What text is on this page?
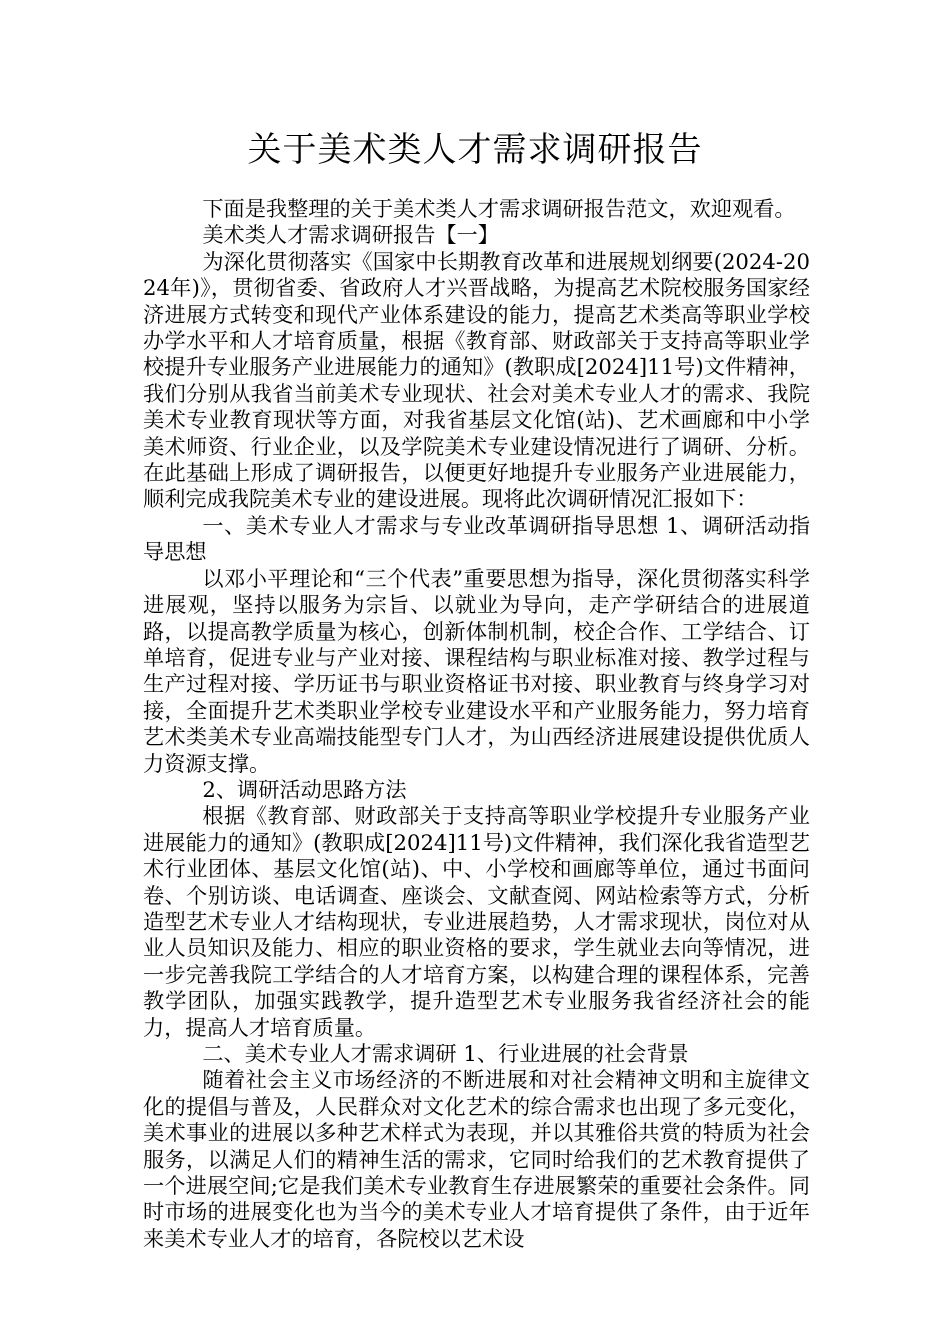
关于美术类人才需求调研报告

下面是我整理的关于美术类人才需求调研报告范文，欢迎观看。

美术类人才需求调研报告【一】

为深化贯彻落实《国家中长期教育改革和进展规划纲要(2024-2024年)》，贯彻省委、省政府人才兴晋战略，为提高艺术院校服务国家经济进展方式转变和现代产业体系建设的能力，提高艺术类高等职业学校办学水平和人才培育质量，根据《教育部、财政部关于支持高等职业学校提升专业服务产业进展能力的通知》(教职成[2024]11号)文件精神，我们分别从我省当前美术专业现状、社会对美术专业人才的需求、我院美术专业教育现状等方面，对我省基层文化馆(站)、艺术画廊和中小学美术师资、行业企业，以及学院美术专业建设情况进行了调研、分析。在此基础上形成了调研报告，以便更好地提升专业服务产业进展能力，顺利完成我院美术专业的建设进展。现将此次调研情况汇报如下：

一、美术专业人才需求与专业改革调研指导思想 1、调研活动指导思想

以邓小平理论和“三个代表”重要思想为指导，深化贯彻落实科学进展观，坚持以服务为宗旨、以就业为导向，走产学研结合的进展道路，以提高教学质量为核心，创新体制机制，校企合作、工学结合、订单培育，促进专业与产业对接、课程结构与职业标准对接、教学过程与生产过程对接、学历证书与职业资格证书对接、职业教育与终身学习对接，全面提升艺术类职业学校专业建设水平和产业服务能力，努力培育艺术类美术专业高端技能型专门人才，为山西经济进展建设提供优质人力资源支撑。

2、调研活动思路方法

根据《教育部、财政部关于支持高等职业学校提升专业服务产业进展能力的通知》(教职成[2024]11号)文件精神，我们深化我省造型艺术行业团体、基层文化馆(站)、中、小学校和画廊等单位，通过书面问卷、个别访谈、电话调查、座谈会、文献查阅、网站检索等方式，分析造型艺术专业人才结构现状，专业进展趋势，人才需求现状，岗位对从业人员知识及能力、相应的职业资格的要求，学生就业去向等情况，进一步完善我院工学结合的人才培育方案，以构建合理的课程体系，完善教学团队，加强实践教学，提升造型艺术专业服务我省经济社会的能力，提高人才培育质量。

二、美术专业人才需求调研 1、行业进展的社会背景

随着社会主义市场经济的不断进展和对社会精神文明和主旋律文化的提倡与普及，人民群众对文化艺术的综合需求也出现了多元变化，美术事业的进展以多种艺术样式为表现，并以其雅俗共赏的特质为社会服务，以满足人们的精神生活的需求，它同时给我们的艺术教育提供了一个进展空间;它是我们美术专业教育生存进展繁荣的重要社会条件。同时市场的进展变化也为当今的美术专业人才培育提供了条件，由于近年来美术专业人才的培育，各院校以艺术设
